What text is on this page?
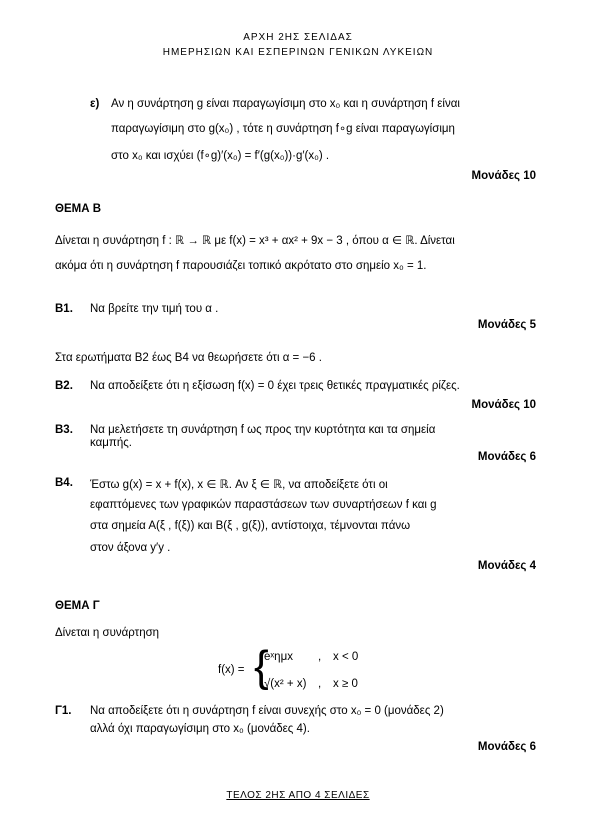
ΑΡΧΗ 2ΗΣ ΣΕΛΙΔΑΣ
ΗΜΕΡΗΣΙΩΝ ΚΑΙ ΕΣΠΕΡΙΝΩΝ ΓΕΝΙΚΩΝ ΛΥΚΕΙΩΝ
ε) Αν η συνάρτηση g είναι παραγωγίσιμη στο x₀ και η συνάρτηση f είναι
παραγωγίσιμη στο g(x₀) , τότε η συνάρτηση f∘g είναι παραγωγίσιμη
στο x₀ και ισχύει (f∘g)′(x₀) = f′(g(x₀))·g′(x₀) .
Μονάδες 10
ΘΕΜΑ Β
Δίνεται η συνάρτηση f : ℝ → ℝ με f(x) = x³ + αx² + 9x − 3 , όπου α ∈ ℝ. Δίνεται
ακόμα ότι η συνάρτηση f παρουσιάζει τοπικό ακρότατο στο σημείο x₀ = 1.
Β1. Να βρείτε την τιμή του α .
Μονάδες 5
Στα ερωτήματα Β2 έως Β4 να θεωρήσετε ότι α = −6 .
Β2. Να αποδείξετε ότι η εξίσωση f(x) = 0 έχει τρεις θετικές πραγματικές ρίζες.
Μονάδες 10
Β3. Να μελετήσετε τη συνάρτηση f ως προς την κυρτότητα και τα σημεία
καμπής.
Μονάδες 6
Β4. Έστω g(x) = x + f(x), x ∈ ℝ. Αν ξ ∈ ℝ, να αποδείξετε ότι οι
εφαπτόμενες των γραφικών παραστάσεων των συναρτήσεων f και g
στα σημεία Α(ξ , f(ξ)) και Β(ξ , g(ξ)), αντίστοιχα, τέμνονται πάνω
στον άξονα y′y .
Μονάδες 4
ΘΕΜΑ Γ
Δίνεται η συνάρτηση
f(x) = {
eˣημx , x < 0
√(x² + x) , x ≥ 0
Γ1. Να αποδείξετε ότι η συνάρτηση f είναι συνεχής στο x₀ = 0 (μονάδες 2)
αλλά όχι παραγωγίσιμη στο x₀ (μονάδες 4).
Μονάδες 6
ΤΕΛΟΣ 2ΗΣ ΑΠΟ 4 ΣΕΛΙΔΕΣ
